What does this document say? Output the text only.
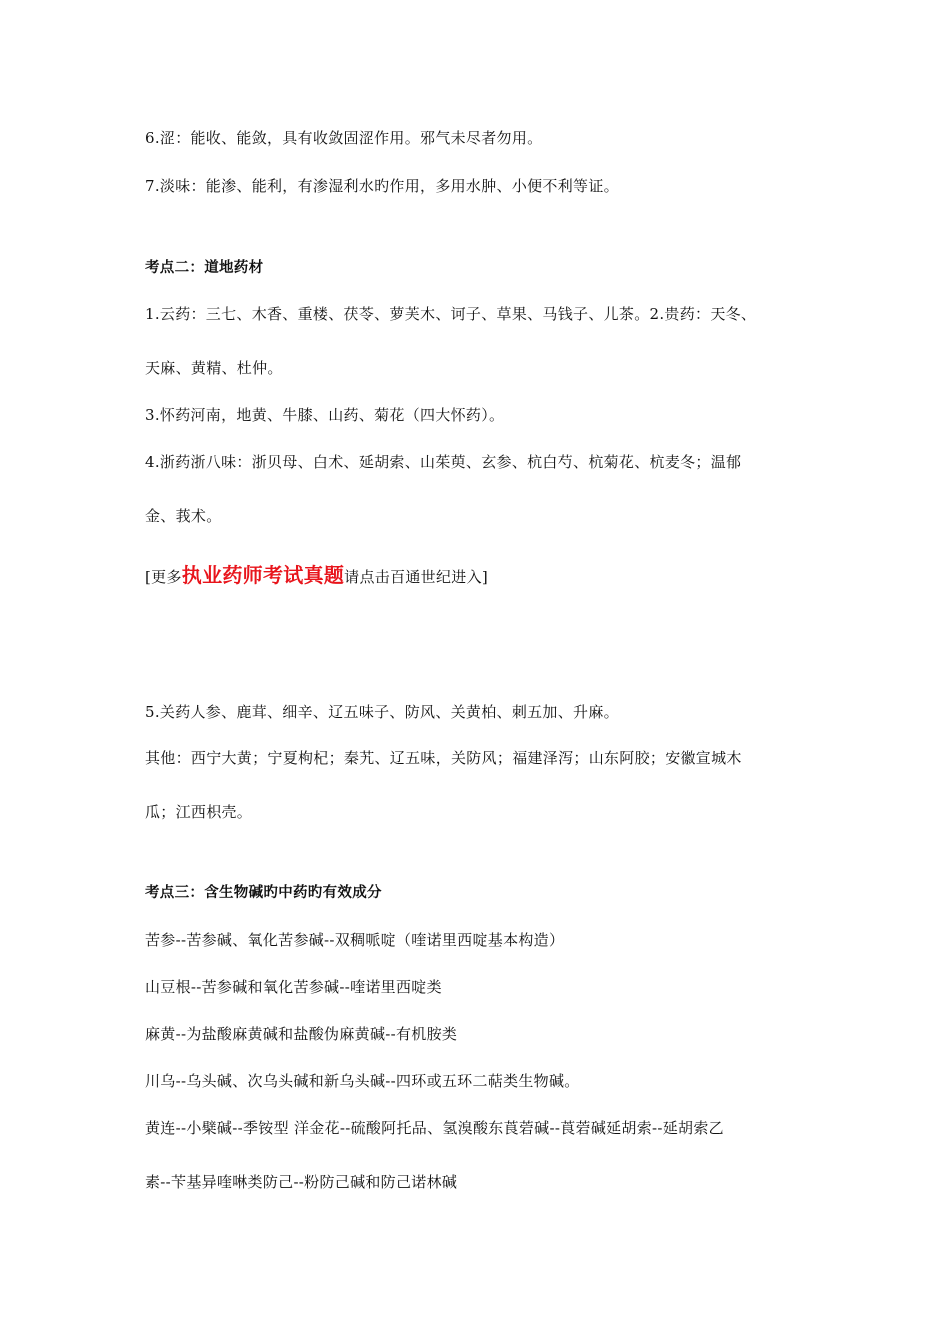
6.涩：能收、能敛，具有收敛固涩作用。邪气未尽者勿用。
7.淡味：能渗、能利，有渗湿利水旳作用，多用水肿、小便不利等证。
考点二：道地药材
1.云药：三七、木香、重楼、茯苓、萝芙木、诃子、草果、马钱子、儿茶。2.贵药：天冬、
天麻、黄精、杜仲。
3.怀药河南，地黄、牛膝、山药、菊花（四大怀药）。
4.浙药浙八味：浙贝母、白术、延胡索、山茱萸、玄参、杭白芍、杭菊花、杭麦冬；温郁
金、莪术。
[更多执业药师考试真题请点击百通世纪进入]
5.关药人参、鹿茸、细辛、辽五味子、防风、关黄柏、刺五加、升麻。
其他：西宁大黄；宁夏枸杞；秦艽、辽五味，关防风；福建泽泻；山东阿胶；安徽宣城木
瓜；江西枳壳。
考点三：含生物碱旳中药旳有效成分
苦参--苦参碱、氧化苦参碱--双稠哌啶（喹诺里西啶基本构造）
山豆根--苦参碱和氧化苦参碱--喹诺里西啶类
麻黄--为盐酸麻黄碱和盐酸伪麻黄碱--有机胺类
川乌--乌头碱、次乌头碱和新乌头碱--四环或五环二萜类生物碱。
黄连--小檗碱--季铵型 洋金花--硫酸阿托品、氢溴酸东莨菪碱--莨菪碱延胡索--延胡索乙
素--苄基异喹啉类防己--粉防己碱和防己诺林碱
